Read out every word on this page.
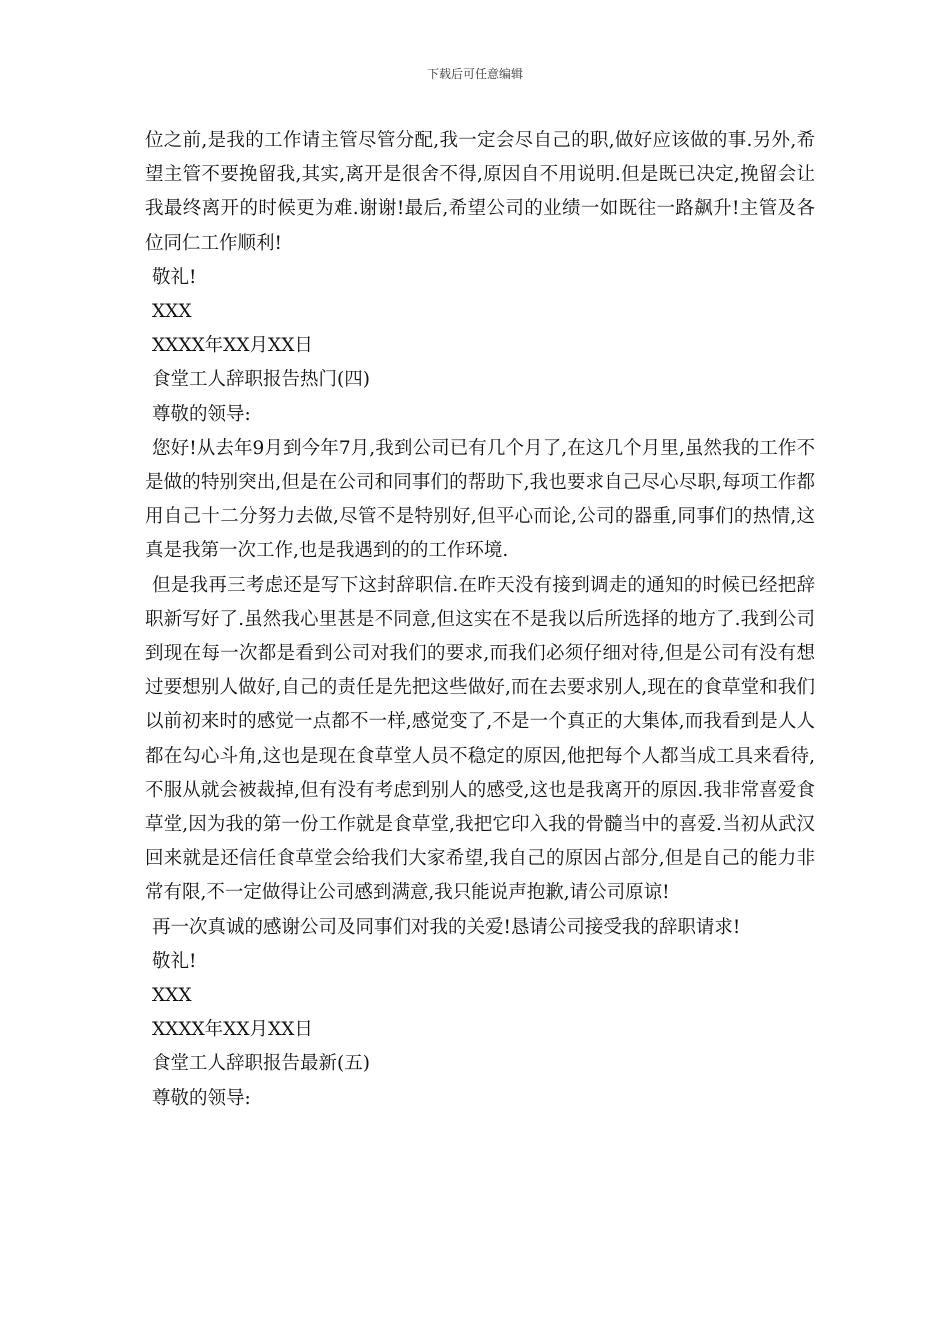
下载后可任意编辑

位之前,是我的工作请主管尽管分配,我一定会尽自己的职,做好应该做的事.另外,希望主管不要挽留我,其实,离开是很舍不得,原因自不用说明.但是既已决定,挽留会让我最终离开的时候更为难.谢谢!最后,希望公司的业绩一如既往一路飙升!主管及各位同仁工作顺利!

敬礼!

XXX

XXXX年XX月XX日

食堂工人辞职报告热门(四)

尊敬的领导:

您好!从去年9月到今年7月,我到公司已有几个月了,在这几个月里,虽然我的工作不是做的特别突出,但是在公司和同事们的帮助下,我也要求自己尽心尽职,每项工作都用自己十二分努力去做,尽管不是特别好,但平心而论,公司的器重,同事们的热情,这真是我第一次工作,也是我遇到的的工作环境.

但是我再三考虑还是写下这封辞职信.在昨天没有接到调走的通知的时候已经把辞职新写好了.虽然我心里甚是不同意,但这实在不是我以后所选择的地方了.我到公司到现在每一次都是看到公司对我们的要求,而我们必须仔细对待,但是公司有没有想过要想别人做好,自己的责任是先把这些做好,而在去要求别人,现在的食草堂和我们以前初来时的感觉一点都不一样,感觉变了,不是一个真正的大集体,而我看到是人人都在勾心斗角,这也是现在食草堂人员不稳定的原因,他把每个人都当成工具来看待,不服从就会被裁掉,但有没有考虑到别人的感受,这也是我离开的原因.我非常喜爱食草堂,因为我的第一份工作就是食草堂,我把它印入我的骨髓当中的喜爱.当初从武汉回来就是还信任食草堂会给我们大家希望,我自己的原因占部分,但是自己的能力非常有限,不一定做得让公司感到满意,我只能说声抱歉,请公司原谅!

再一次真诚的感谢公司及同事们对我的关爱!恳请公司接受我的辞职请求!

敬礼!

XXX

XXXX年XX月XX日

食堂工人辞职报告最新(五)

尊敬的领导:
